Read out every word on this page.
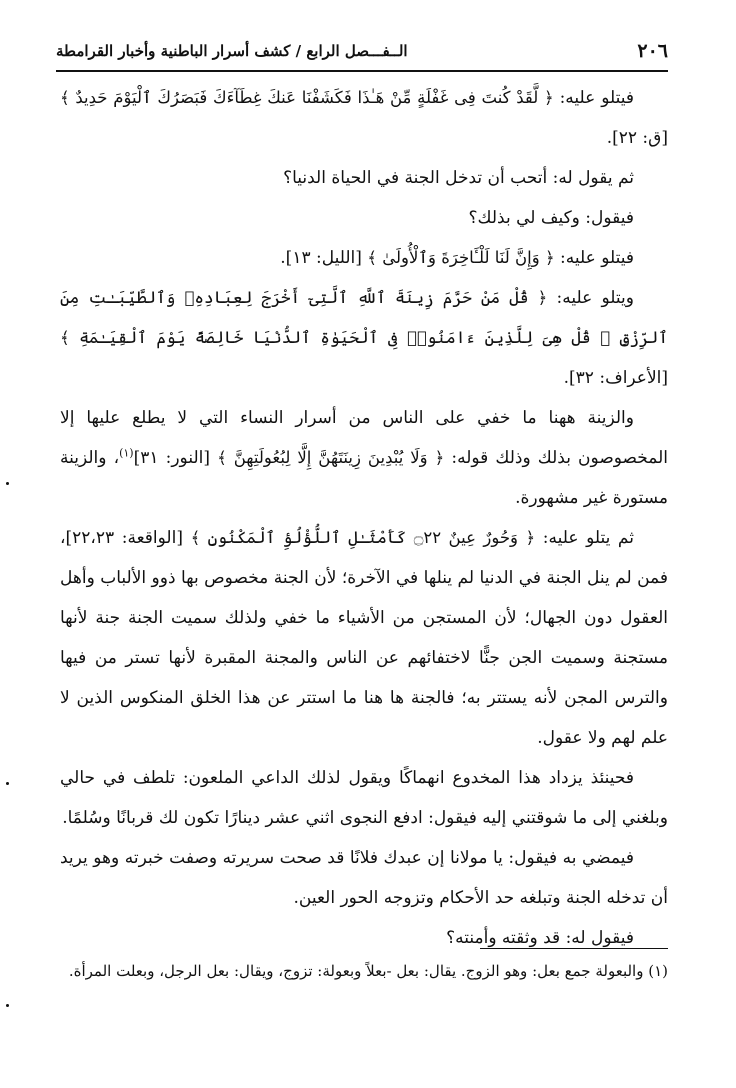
٢٠٦
الــفـــصل الرابع / كشف أسرار الباطنية وأخبار القرامطة

فيتلو عليه: ﴿ لَّقَدْ كُنتَ فِى غَفْلَةٍ مِّنْ هَـٰذَا فَكَشَفْنَا عَنكَ غِطَآءَكَ فَبَصَرُكَ ٱلْيَوْمَ حَدِيدٌ ﴾ [ق: ٢٢].

ثم يقول له: أتحب أن تدخل الجنة في الحياة الدنيا؟

فيقول: وكيف لي بذلك؟

فيتلو عليه: ﴿ وَإِنَّ لَنَا لَلْـَٔاخِرَةَ وَٱلْأُولَىٰ ﴾ [الليل: ١٣].

ويتلو عليه: ﴿ قُلْ مَنْ حَرَّمَ زِينَةَ ٱللَّهِ ٱلَّتِىٓ أَخْرَجَ لِعِبَادِهِۦ وَٱلطَّيِّبَـٰتِ مِنَ ٱلرِّزْقِ ۚ قُلْ هِىَ لِلَّذِينَ ءَامَنُوا۟ فِى ٱلْحَيَوٰةِ ٱلدُّنْيَا خَالِصَةً يَوْمَ ٱلْقِيَـٰمَةِ ﴾ [الأعراف: ٣٢].

والزينة ههنا ما خفي على الناس من أسرار النساء التي لا يطلع عليها إلا المخصوصون بذلك وذلك قوله: ﴿ وَلَا يُبْدِينَ زِينَتَهُنَّ إِلَّا لِبُعُولَتِهِنَّ ﴾ [النور: ٣١]$^{(١)}$، والزينة مستورة غير مشهورة.

ثم يتلو عليه: ﴿ وَحُورٌ عِينٌ ۝٢٢ كَأَمْثَـٰلِ ٱللُّؤْلُؤِ ٱلْمَكْنُونِ ﴾ [الواقعة: ٢٢،٢٣]، فمن لم ينل الجنة في الدنيا لم ينلها في الآخرة؛ لأن الجنة مخصوص بها ذوو الألباب وأهل العقول دون الجهال؛ لأن المستجن من الأشياء ما خفي ولذلك سميت الجنة جنة لأنها مستجنة وسميت الجن جنًّا لاختفائهم عن الناس والمجنة المقبرة لأنها تستر من فيها والترس المجن لأنه يستتر به؛ فالجنة ها هنا ما استتر عن هذا الخلق المنكوس الذين لا علم لهم ولا عقول.

فحينئذ يزداد هذا المخدوع انهماكًا ويقول لذلك الداعي الملعون: تلطف في حالي وبلغني إلى ما شوقتني إليه فيقول: ادفع النجوى اثني عشر دينارًا تكون لك قربانًا وسُلمًا.

فيمضي به فيقول: يا مولانا إن عبدك فلانًا قد صحت سريرته وصفت خبرته وهو يريد أن تدخله الجنة وتبلغه حد الأحكام وتزوجه الحور العين.

فيقول له: قد وثقته وأمنته؟

(١) والبعولة جمع بعل: وهو الزوج. يقال: بعل -بعلاً وبعولة: تزوج، ويقال: بعل الرجل، وبعلت المرأة.
